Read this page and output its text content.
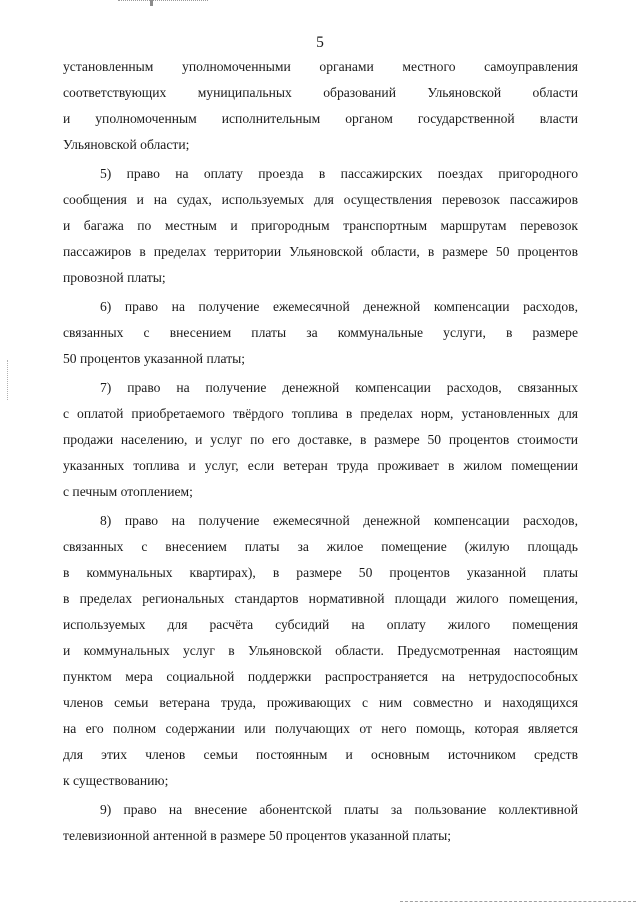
5
установленным уполномоченными органами местного самоуправления
соответствующих муниципальных образований Ульяновской области
и уполномоченным исполнительным органом государственной власти
Ульяновской области;
5) право на оплату проезда в пассажирских поездах пригородного
сообщения и на судах, используемых для осуществления перевозок пассажиров
и багажа по местным и пригородным транспортным маршрутам перевозок
пассажиров в пределах территории Ульяновской области, в размере 50 процентов
провозной платы;
6) право на получение ежемесячной денежной компенсации расходов,
связанных с внесением платы за коммунальные услуги, в размере
50 процентов указанной платы;
7) право на получение денежной компенсации расходов, связанных
с оплатой приобретаемого твёрдого топлива в пределах норм, установленных для
продажи населению, и услуг по его доставке, в размере 50 процентов стоимости
указанных топлива и услуг, если ветеран труда проживает в жилом помещении
с печным отоплением;
8) право на получение ежемесячной денежной компенсации расходов,
связанных с внесением платы за жилое помещение (жилую площадь
в коммунальных квартирах), в размере 50 процентов указанной платы
в пределах региональных стандартов нормативной площади жилого помещения,
используемых для расчёта субсидий на оплату жилого помещения
и коммунальных услуг в Ульяновской области. Предусмотренная настоящим
пунктом мера социальной поддержки распространяется на нетрудоспособных
членов семьи ветерана труда, проживающих с ним совместно и находящихся
на его полном содержании или получающих от него помощь, которая является
для этих членов семьи постоянным и основным источником средств
к существованию;
9) право на внесение абонентской платы за пользование коллективной
телевизионной антенной в размере 50 процентов указанной платы;
